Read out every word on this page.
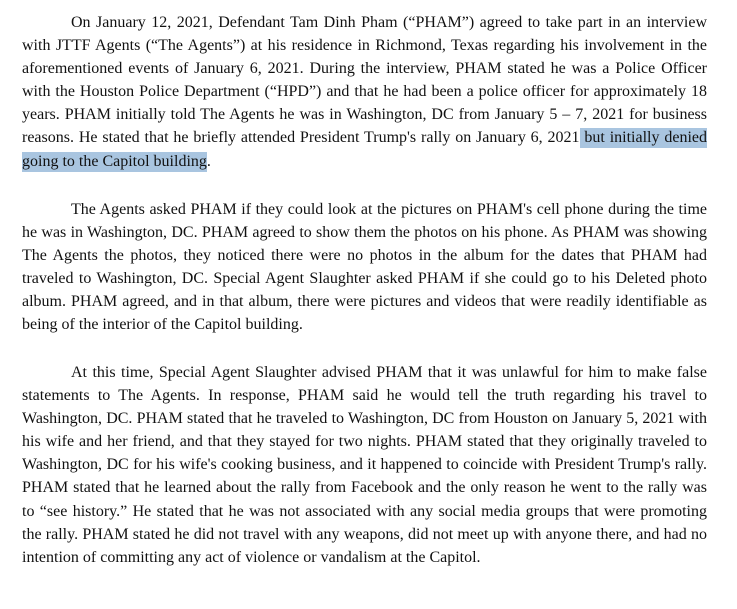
On January 12, 2021, Defendant Tam Dinh Pham (“PHAM”) agreed to take part in an interview with JTTF Agents (“The Agents”) at his residence in Richmond, Texas regarding his involvement in the aforementioned events of January 6, 2021. During the interview, PHAM stated he was a Police Officer with the Houston Police Department (“HPD”) and that he had been a police officer for approximately 18 years. PHAM initially told The Agents he was in Washington, DC from January 5 – 7, 2021 for business reasons. He stated that he briefly attended President Trump's rally on January 6, 2021 but initially denied going to the Capitol building.

The Agents asked PHAM if they could look at the pictures on PHAM's cell phone during the time he was in Washington, DC. PHAM agreed to show them the photos on his phone. As PHAM was showing The Agents the photos, they noticed there were no photos in the album for the dates that PHAM had traveled to Washington, DC. Special Agent Slaughter asked PHAM if she could go to his Deleted photo album. PHAM agreed, and in that album, there were pictures and videos that were readily identifiable as being of the interior of the Capitol building.

At this time, Special Agent Slaughter advised PHAM that it was unlawful for him to make false statements to The Agents. In response, PHAM said he would tell the truth regarding his travel to Washington, DC. PHAM stated that he traveled to Washington, DC from Houston on January 5, 2021 with his wife and her friend, and that they stayed for two nights. PHAM stated that they originally traveled to Washington, DC for his wife's cooking business, and it happened to coincide with President Trump's rally. PHAM stated that he learned about the rally from Facebook and the only reason he went to the rally was to “see history.” He stated that he was not associated with any social media groups that were promoting the rally. PHAM stated he did not travel with any weapons, did not meet up with anyone there, and had no intention of committing any act of violence or vandalism at the Capitol.
